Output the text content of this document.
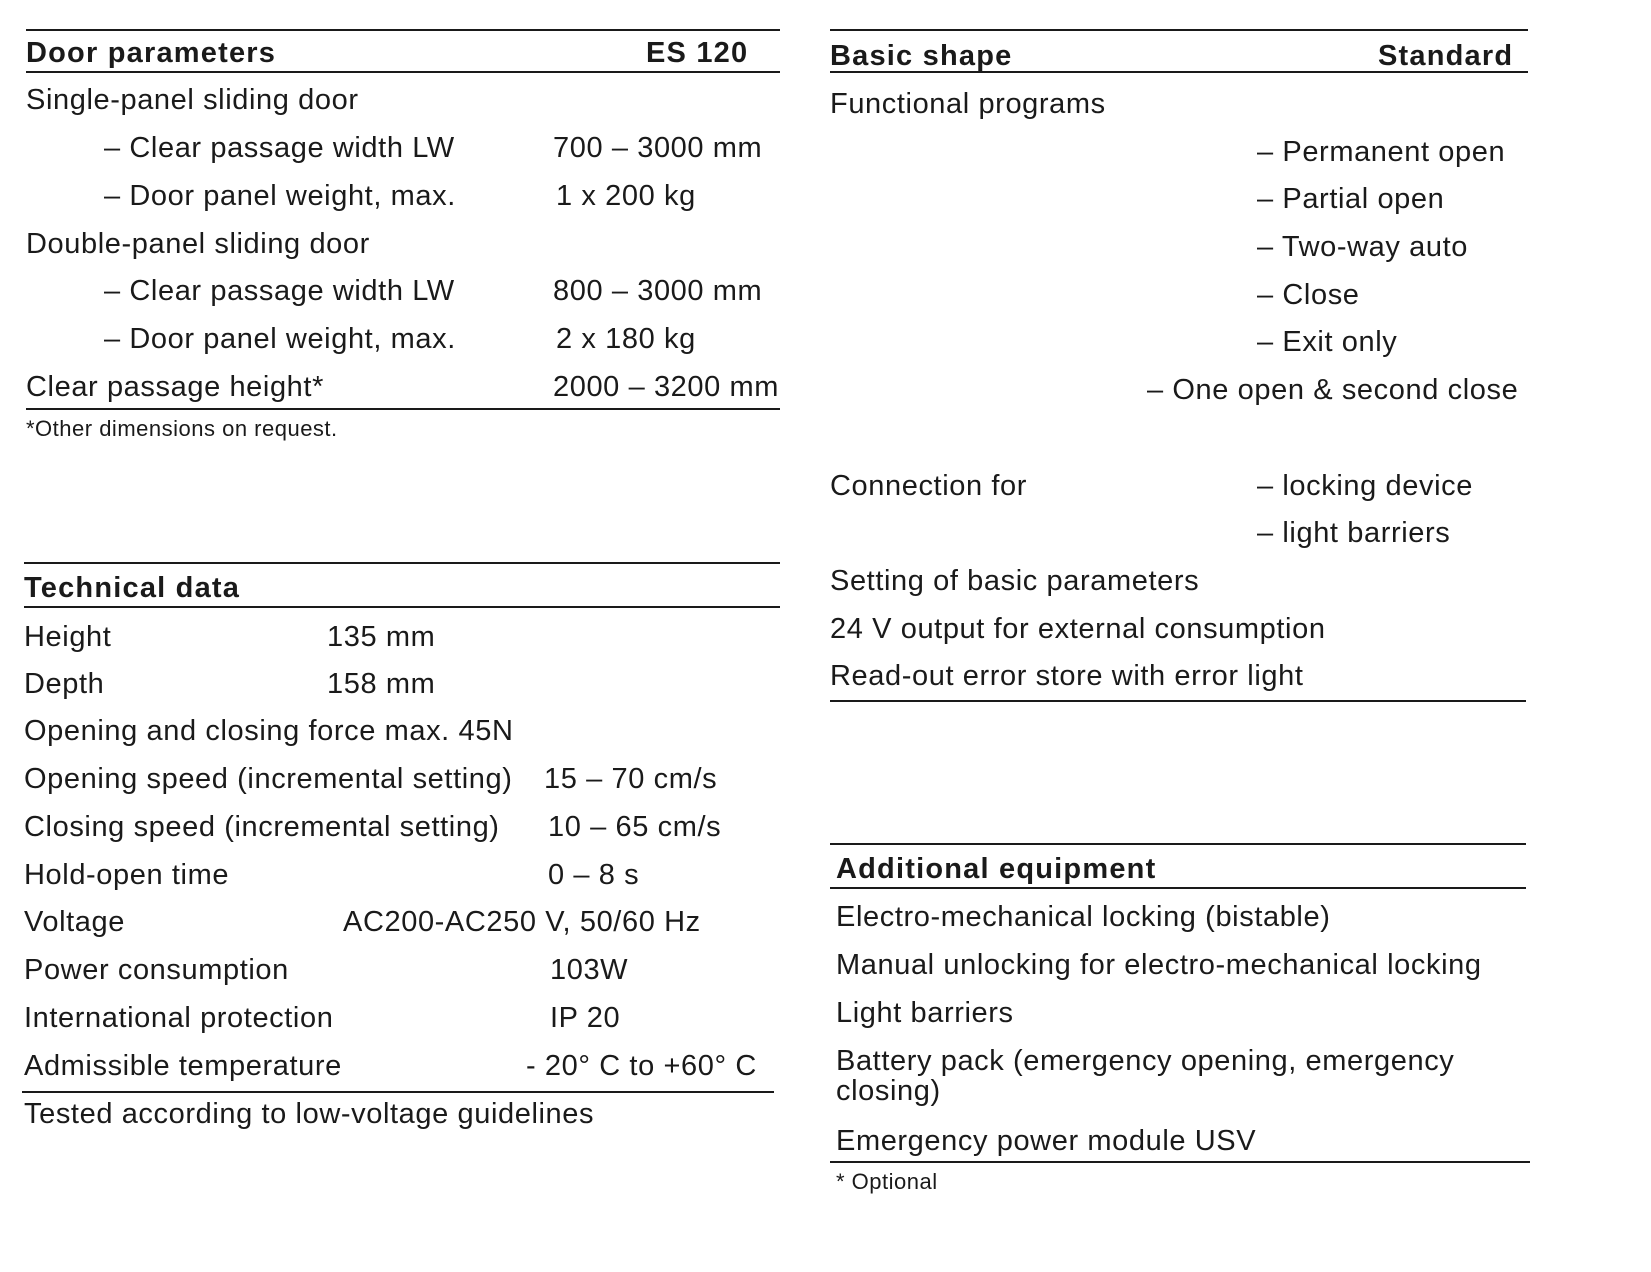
Door parameters	ES 120
Single-panel sliding door
– Clear passage width LW	700 – 3000 mm
– Door panel weight, max.	1 x 200 kg
Double-panel sliding door
– Clear passage width LW	800 – 3000 mm
– Door panel weight, max.	2 x 180 kg
Clear passage height*	2000 – 3200 mm
*Other dimensions on request.
Technical data
Height	135 mm
Depth	158 mm
Opening and closing force max. 45N
Opening speed (incremental setting) 15 – 70 cm/s
Closing speed (incremental setting) 10 – 65 cm/s
Hold-open time	0 – 8 s
Voltage	AC200-AC250 V, 50/60 Hz
Power consumption	103W
International protection	IP 20
Admissible temperature	- 20° C to +60° C
Tested according to low-voltage guidelines
Basic shape	Standard
Functional programs
– Permanent open
– Partial open
– Two-way auto
– Close
– Exit only
– One open & second close
Connection for	– locking device
– light barriers
Setting of basic parameters
24 V output for external consumption
Read-out error store with error light
Additional equipment
Electro-mechanical locking (bistable)
Manual unlocking for electro-mechanical locking
Light barriers
Battery pack (emergency opening, emergency
closing)
Emergency power module USV
* Optional
